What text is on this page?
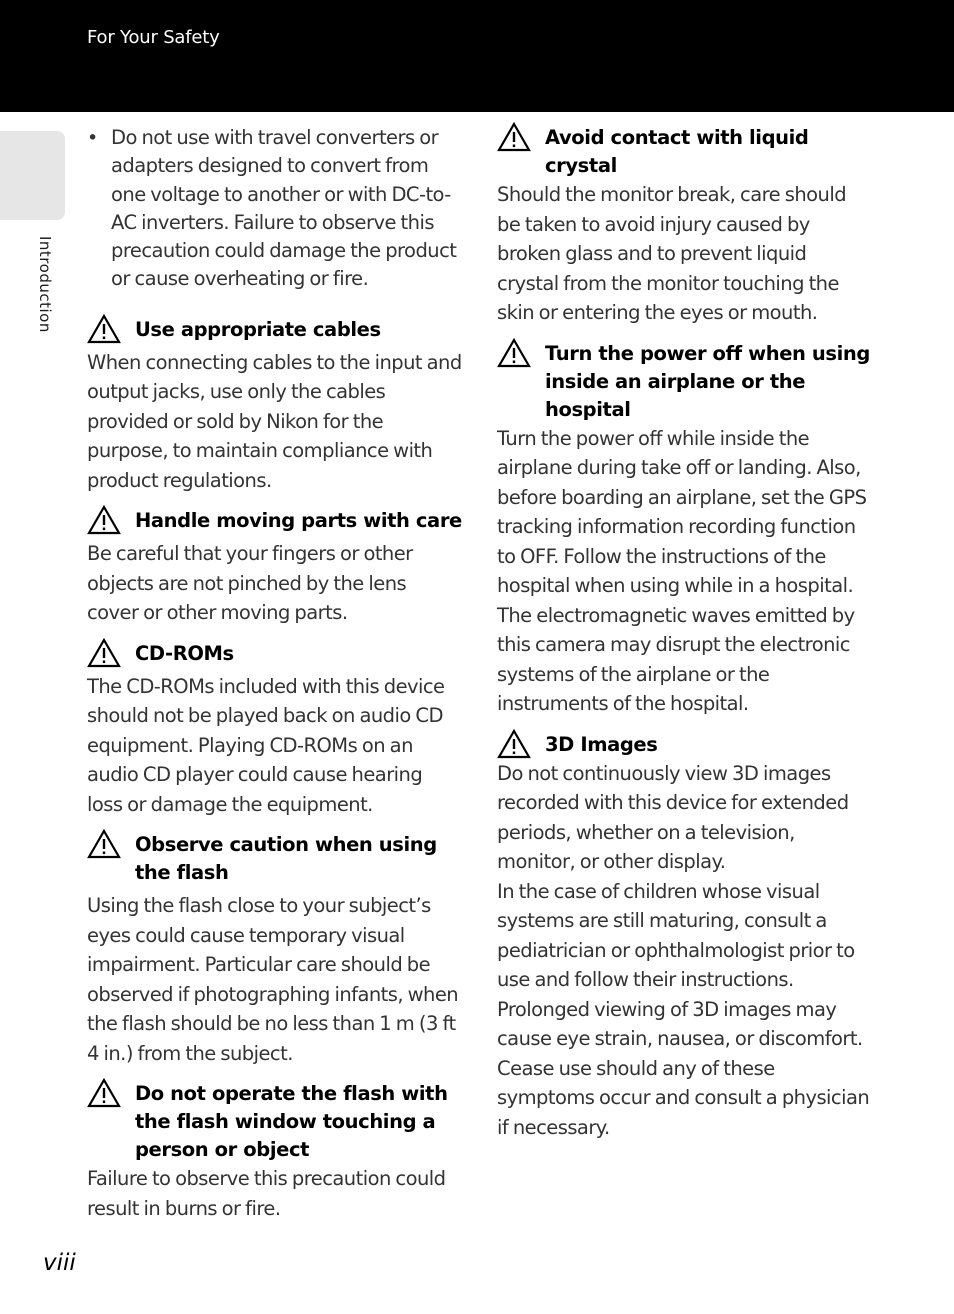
For Your Safety
Introduction
• Do not use with travel converters or adapters designed to convert from one voltage to another or with DC-to-AC inverters. Failure to observe this precaution could damage the product or cause overheating or fire.
Use appropriate cables

When connecting cables to the input and output jacks, use only the cables provided or sold by Nikon for the purpose, to maintain compliance with product regulations.

Handle moving parts with care

Be careful that your fingers or other objects are not pinched by the lens cover or other moving parts.

CD-ROMs

The CD-ROMs included with this device should not be played back on audio CD equipment. Playing CD-ROMs on an audio CD player could cause hearing loss or damage the equipment.

Observe caution when using the flash

Using the flash close to your subject’s eyes could cause temporary visual impairment. Particular care should be observed if photographing infants, when the flash should be no less than 1 m (3 ft 4 in.) from the subject.

Do not operate the flash with the flash window touching a person or object

Failure to observe this precaution could result in burns or fire.

Avoid contact with liquid crystal

Should the monitor break, care should be taken to avoid injury caused by broken glass and to prevent liquid crystal from the monitor touching the skin or entering the eyes or mouth.

Turn the power off when using inside an airplane or the hospital

Turn the power off while inside the airplane during take off or landing. Also, before boarding an airplane, set the GPS tracking information recording function to OFF. Follow the instructions of the hospital when using while in a hospital. The electromagnetic waves emitted by this camera may disrupt the electronic systems of the airplane or the instruments of the hospital.

3D Images

Do not continuously view 3D images recorded with this device for extended periods, whether on a television, monitor, or other display.

In the case of children whose visual systems are still maturing, consult a pediatrician or ophthalmologist prior to use and follow their instructions.

Prolonged viewing of 3D images may cause eye strain, nausea, or discomfort. Cease use should any of these symptoms occur and consult a physician if necessary.

viii
